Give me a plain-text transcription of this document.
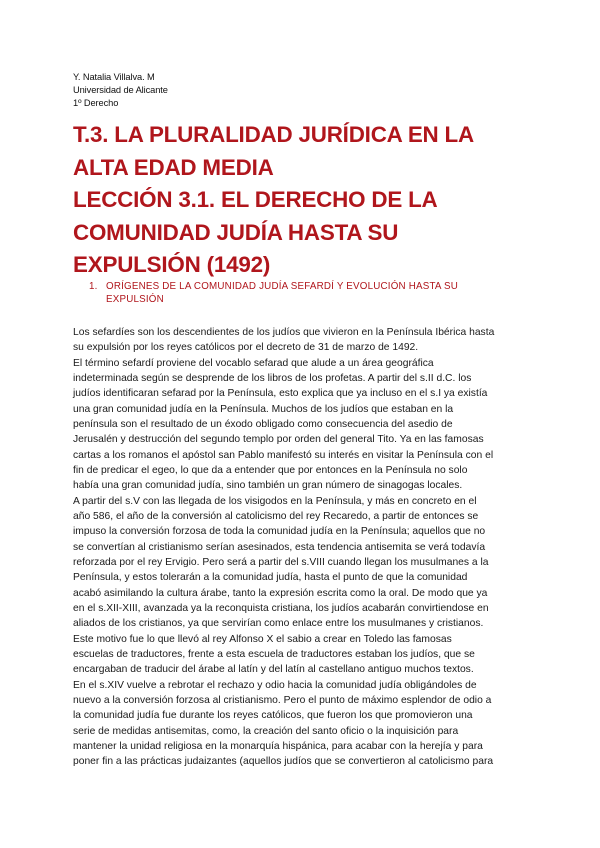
Y. Natalia Villalva. M
Universidad de Alicante
1º Derecho
T.3. LA PLURALIDAD JURÍDICA EN LA
ALTA EDAD MEDIA
LECCIÓN 3.1. EL DERECHO DE LA
COMUNIDAD JUDÍA HASTA SU
EXPULSIÓN (1492)
1. ORÍGENES DE LA COMUNIDAD JUDÍA SEFARDÍ Y EVOLUCIÓN HASTA SU
EXPULSIÓN
Los sefardíes son los descendientes de los judíos que vivieron en la Península Ibérica hasta
su expulsión por los reyes católicos por el decreto de 31 de marzo de 1492.
El término sefardí proviene del vocablo sefarad que alude a un área geográfica
indeterminada según se desprende de los libros de los profetas. A partir del s.II d.C. los
judíos identificaran sefarad por la Península, esto explica que ya incluso en el s.I ya existía
una gran comunidad judía en la Península. Muchos de los judíos que estaban en la
península son el resultado de un éxodo obligado como consecuencia del asedio de
Jerusalén y destrucción del segundo templo por orden del general Tito. Ya en las famosas
cartas a los romanos el apóstol san Pablo manifestó su interés en visitar la Península con el
fin de predicar el egeo, lo que da a entender que por entonces en la Península no solo
había una gran comunidad judía, sino también un gran número de sinagogas locales.
A partir del s.V con las llegada de los visigodos en la Península, y más en concreto en el
año 586, el año de la conversión al catolicismo del rey Recaredo, a partir de entonces se
impuso la conversión forzosa de toda la comunidad judía en la Península; aquellos que no
se convertían al cristianismo serían asesinados, esta tendencia antisemita se verá todavía
reforzada por el rey Ervigio. Pero será a partir del s.VIII cuando llegan los musulmanes a la
Península, y estos tolerarán a la comunidad judía, hasta el punto de que la comunidad
acabó asimilando la cultura árabe, tanto la expresión escrita como la oral. De modo que ya
en el s.XII-XIII, avanzada ya la reconquista cristiana, los judíos acabarán convirtiendose en
aliados de los cristianos, ya que servirían como enlace entre los musulmanes y cristianos.
Este motivo fue lo que llevó al rey Alfonso X el sabio a crear en Toledo las famosas
escuelas de traductores, frente a esta escuela de traductores estaban los judíos, que se
encargaban de traducir del árabe al latín y del latín al castellano antiguo muchos textos.
En el s.XIV vuelve a rebrotar el rechazo y odio hacia la comunidad judía obligándoles de
nuevo a la conversión forzosa al cristianismo. Pero el punto de máximo esplendor de odio a
la comunidad judía fue durante los reyes católicos, que fueron los que promovieron una
serie de medidas antisemitas, como, la creación del santo oficio o la inquisición para
mantener la unidad religiosa en la monarquía hispánica, para acabar con la herejía y para
poner fin a las prácticas judaizantes (aquellos judíos que se convertieron al catolicismo para
